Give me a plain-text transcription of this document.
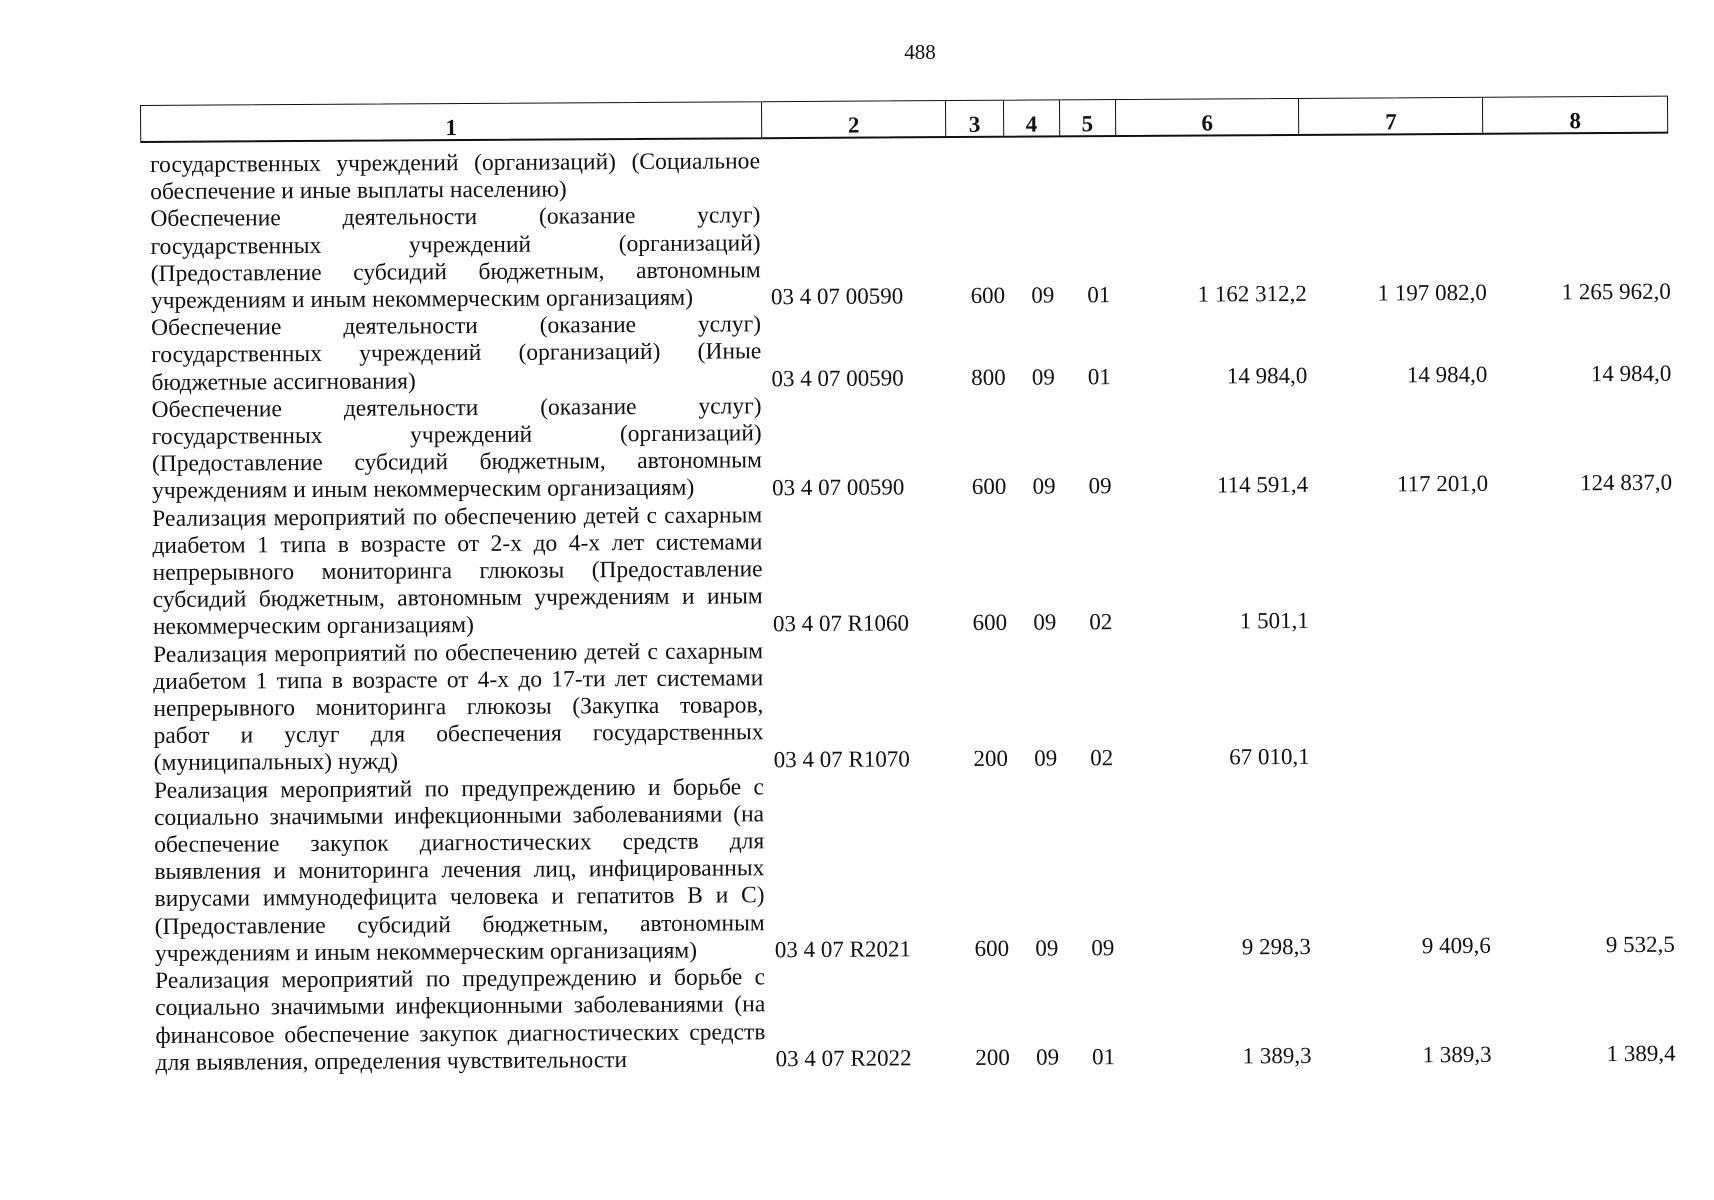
488
1	2	3	4	5	6	7	8
государственных учреждений (организаций) (Социальное обеспечение и иные выплаты населению)
Обеспечение деятельности (оказание услуг) государственных учреждений (организаций) (Предоставление субсидий бюджетным, автономным учреждениям и иным некоммерческим организациям)	03 4 07 00590	600	09	01	1 162 312,2	1 197 082,0	1 265 962,0
Обеспечение деятельности (оказание услуг) государственных учреждений (организаций) (Иные бюджетные ассигнования)	03 4 07 00590	800	09	01	14 984,0	14 984,0	14 984,0
Обеспечение деятельности (оказание услуг) государственных учреждений (организаций) (Предоставление субсидий бюджетным, автономным учреждениям и иным некоммерческим организациям)	03 4 07 00590	600	09	09	114 591,4	117 201,0	124 837,0
Реализация мероприятий по обеспечению детей с сахарным диабетом 1 типа в возрасте от 2-х до 4-х лет системами непрерывного мониторинга глюкозы (Предоставление субсидий бюджетным, автономным учреждениям и иным некоммерческим организациям)	03 4 07 R1060	600	09	02	1 501,1
Реализация мероприятий по обеспечению детей с сахарным диабетом 1 типа в возрасте от 4-х до 17-ти лет системами непрерывного мониторинга глюкозы (Закупка товаров, работ и услуг для обеспечения государственных (муниципальных) нужд)	03 4 07 R1070	200	09	02	67 010,1
Реализация мероприятий по предупреждению и борьбе с социально значимыми инфекционными заболеваниями (на обеспечение закупок диагностических средств для выявления и мониторинга лечения лиц, инфицированных вирусами иммунодефицита человека и гепатитов B и C) (Предоставление субсидий бюджетным, автономным учреждениям и иным некоммерческим организациям)	03 4 07 R2021	600	09	09	9 298,3	9 409,6	9 532,5
Реализация мероприятий по предупреждению и борьбе с социально значимыми инфекционными заболеваниями (на финансовое обеспечение закупок диагностических средств для выявления, определения чувствительности	03 4 07 R2022	200	09	01	1 389,3	1 389,3	1 389,4
